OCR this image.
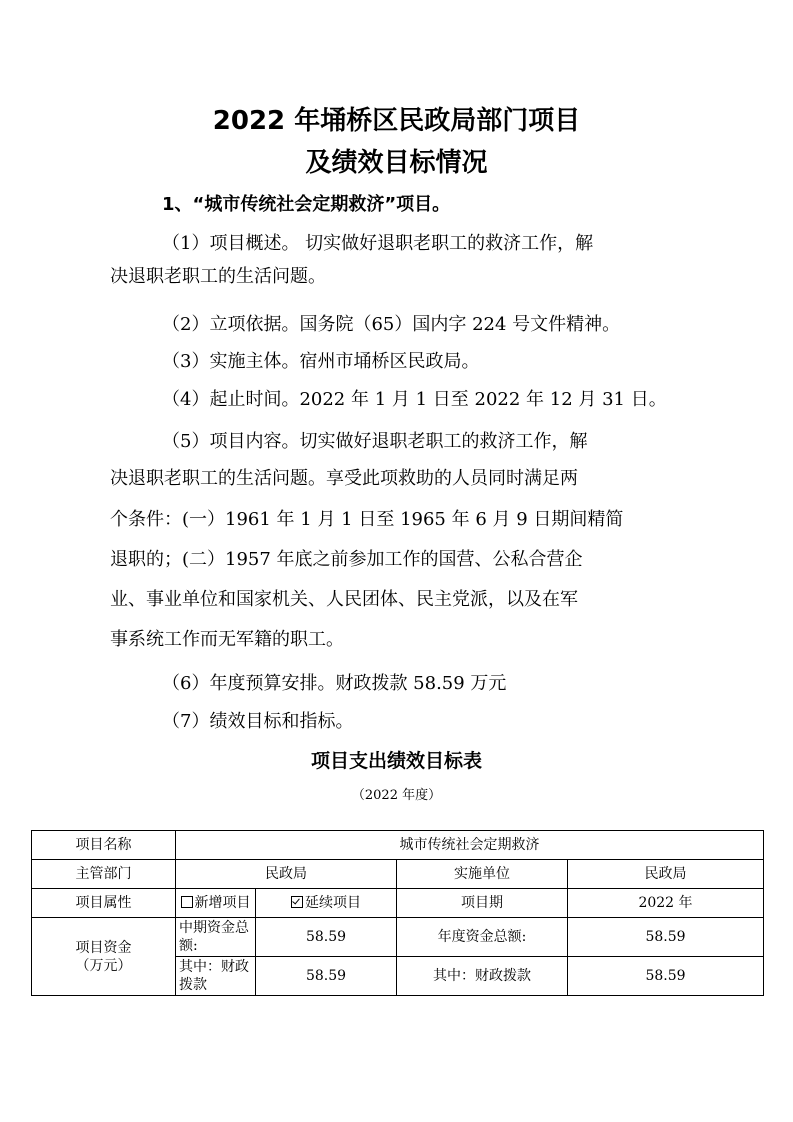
2022 年埇桥区民政局部门项目
及绩效目标情况
1、“城市传统社会定期救济”项目。
（1）项目概述。 切实做好退职老职工的救济工作，解
决退职老职工的生活问题。
（2）立项依据。国务院（65）国内字 224 号文件精神。
（3）实施主体。宿州市埇桥区民政局。
（4）起止时间。2022 年 1 月 1 日至 2022 年 12 月 31 日。
（5）项目内容。切实做好退职老职工的救济工作，解
决退职老职工的生活问题。享受此项救助的人员同时满足两
个条件：(一）1961 年 1 月 1 日至 1965 年 6 月 9 日期间精简
退职的；(二）1957 年底之前参加工作的国营、公私合营企
业、事业单位和国家机关、人民团体、民主党派，以及在军
事系统工作而无军籍的职工。
（6）年度预算安排。财政拨款 58.59 万元
（7）绩效目标和指标。
项目支出绩效目标表
（2022 年度）
项目名称	城市传统社会定期救济			
主管部门	民政局		实施单位	民政局
项目属性	新增项目	延续项目	项目期	2022 年

项目资金
（万元）	中期资金总额:	58.59	年度资金总额:	58.59
	其中：财政拨款	58.59	其中：财政拨款	58.59
